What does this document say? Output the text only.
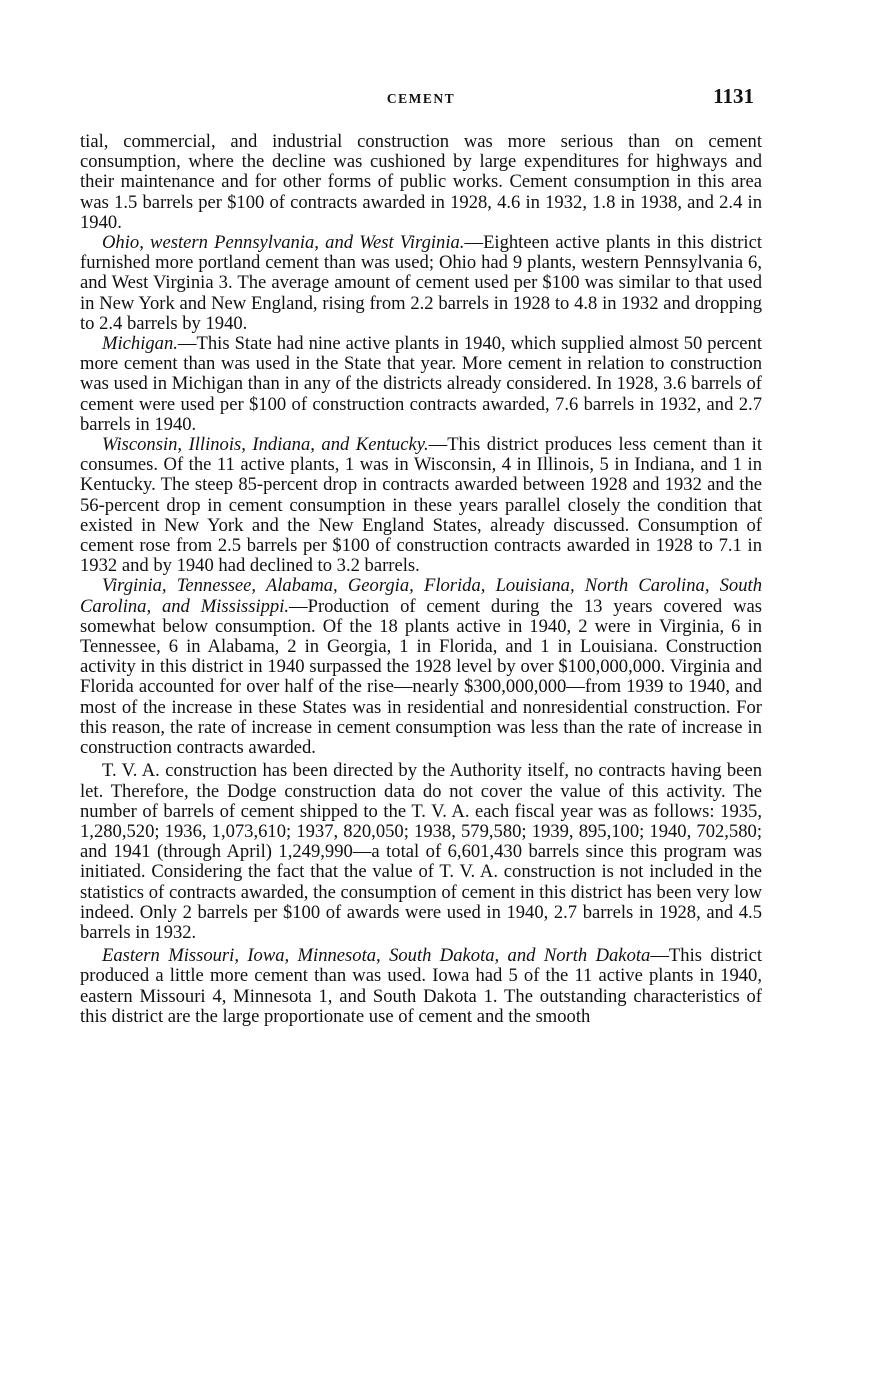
CEMENT	1131

tial, commercial, and industrial construction was more serious than on cement consumption, where the decline was cushioned by large expenditures for highways and their maintenance and for other forms of public works. Cement consumption in this area was 1.5 barrels per $100 of contracts awarded in 1928, 4.6 in 1932, 1.8 in 1938, and 2.4 in 1940.

Ohio, western Pennsylvania, and West Virginia.—Eighteen active plants in this district furnished more portland cement than was used; Ohio had 9 plants, western Pennsylvania 6, and West Virginia 3. The average amount of cement used per $100 was similar to that used in New York and New England, rising from 2.2 barrels in 1928 to 4.8 in 1932 and dropping to 2.4 barrels by 1940.

Michigan.—This State had nine active plants in 1940, which supplied almost 50 percent more cement than was used in the State that year. More cement in relation to construction was used in Michigan than in any of the districts already considered. In 1928, 3.6 barrels of cement were used per $100 of construction contracts awarded, 7.6 barrels in 1932, and 2.7 barrels in 1940.

Wisconsin, Illinois, Indiana, and Kentucky.—This district produces less cement than it consumes. Of the 11 active plants, 1 was in Wisconsin, 4 in Illinois, 5 in Indiana, and 1 in Kentucky. The steep 85-percent drop in contracts awarded between 1928 and 1932 and the 56-percent drop in cement consumption in these years parallel closely the condition that existed in New York and the New England States, already discussed. Consumption of cement rose from 2.5 barrels per $100 of construction contracts awarded in 1928 to 7.1 in 1932 and by 1940 had declined to 3.2 barrels.

Virginia, Tennessee, Alabama, Georgia, Florida, Louisiana, North Carolina, South Carolina, and Mississippi.—Production of cement during the 13 years covered was somewhat below consumption. Of the 18 plants active in 1940, 2 were in Virginia, 6 in Tennessee, 6 in Alabama, 2 in Georgia, 1 in Florida, and 1 in Louisiana. Construction activity in this district in 1940 surpassed the 1928 level by over $100,000,000. Virginia and Florida accounted for over half of the rise—nearly $300,000,000—from 1939 to 1940, and most of the increase in these States was in residential and nonresidential construction. For this reason, the rate of increase in cement consumption was less than the rate of increase in construction contracts awarded.

T. V. A. construction has been directed by the Authority itself, no contracts having been let. Therefore, the Dodge construction data do not cover the value of this activity. The number of barrels of cement shipped to the T. V. A. each fiscal year was as follows: 1935, 1,280,520; 1936, 1,073,610; 1937, 820,050; 1938, 579,580; 1939, 895,100; 1940, 702,580; and 1941 (through April) 1,249,990—a total of 6,601,430 barrels since this program was initiated. Considering the fact that the value of T. V. A. construction is not included in the statistics of contracts awarded, the consumption of cement in this district has been very low indeed. Only 2 barrels per $100 of awards were used in 1940, 2.7 barrels in 1928, and 4.5 barrels in 1932.

Eastern Missouri, Iowa, Minnesota, South Dakota, and North Dakota—This district produced a little more cement than was used. Iowa had 5 of the 11 active plants in 1940, eastern Missouri 4, Minnesota 1, and South Dakota 1. The outstanding characteristics of this district are the large proportionate use of cement and the smooth
